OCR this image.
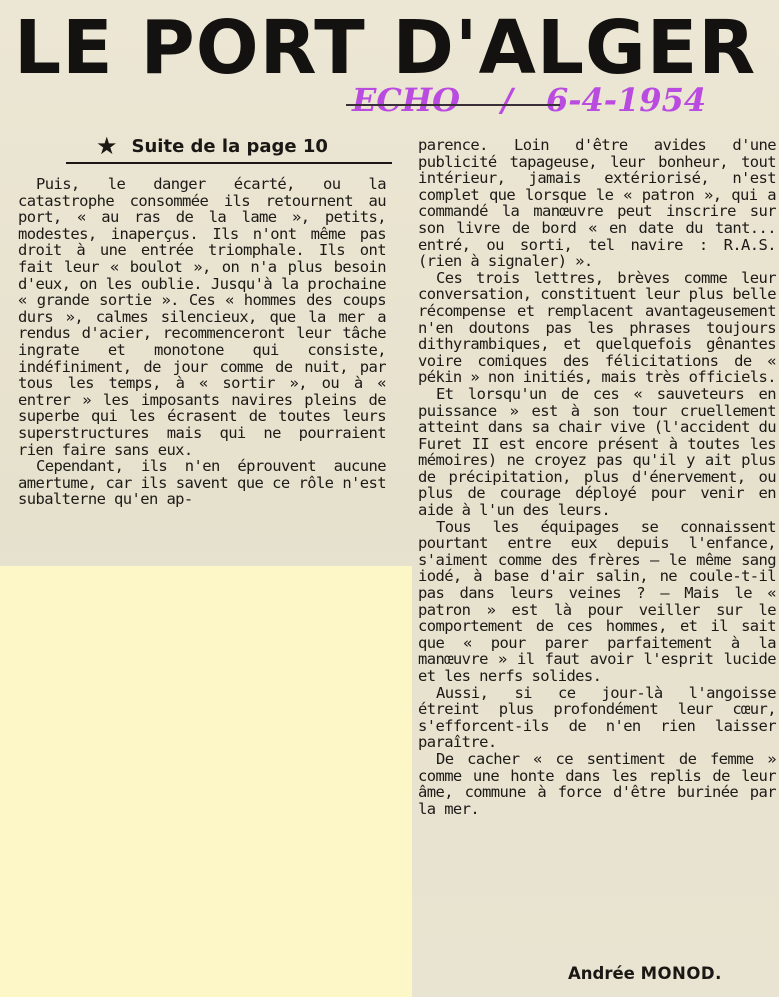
LE PORT D'ALGER
ECHO / 6-4-1954
★ Suite de la page 10

Puis, le danger écarté, ou la catastrophe consommée ils retournent au port, « au ras de la lame », petits, modestes, inaperçus. Ils n'ont même pas droit à une entrée triomphale. Ils ont fait leur « boulot », on n'a plus besoin d'eux, on les oublie. Jusqu'à la prochaine « grande sortie ». Ces « hommes des coups durs », calmes silencieux, que la mer a rendus d'acier, recommenceront leur tâche ingrate et monotone qui consiste, indéfiniment, de jour comme de nuit, par tous les temps, à « sortir », ou à « entrer » les imposants navires pleins de superbe qui les écrasent de toutes leurs superstructures mais qui ne pourraient rien faire sans eux.

Cependant, ils n'en éprouvent aucune amertume, car ils savent que ce rôle n'est subalterne qu'en ap-

parence. Loin d'être avides d'une publicité tapageuse, leur bonheur, tout intérieur, jamais extériorisé, n'est complet que lorsque le « patron », qui a commandé la manœuvre peut inscrire sur son livre de bord « en date du tant... entré, ou sorti, tel navire : R.A.S. (rien à signaler) ».

Ces trois lettres, brèves comme leur conversation, constituent leur plus belle récompense et remplacent avantageusement n'en doutons pas les phrases toujours dithyrambiques, et quelquefois gênantes voire comiques des félicitations de « pékin » non initiés, mais très officiels.

Et lorsqu'un de ces « sauveteurs en puissance » est à son tour cruellement atteint dans sa chair vive (l'accident du Furet II est encore présent à toutes les mémoires) ne croyez pas qu'il y ait plus de précipitation, plus d'énervement, ou plus de courage déployé pour venir en aide à l'un des leurs.

Tous les équipages se connaissent pourtant entre eux depuis l'enfance, s'aiment comme des frères — le même sang iodé, à base d'air salin, ne coule-t-il pas dans leurs veines ? — Mais le « patron » est là pour veiller sur le comportement de ces hommes, et il sait que « pour parer parfaitement à la manœuvre » il faut avoir l'esprit lucide et les nerfs solides.

Aussi, si ce jour-là l'angoisse étreint plus profondément leur cœur, s'efforcent-ils de n'en rien laisser paraître.

De cacher « ce sentiment de femme » comme une honte dans les replis de leur âme, commune à force d'être burinée par la mer.

Andrée MONOD.
